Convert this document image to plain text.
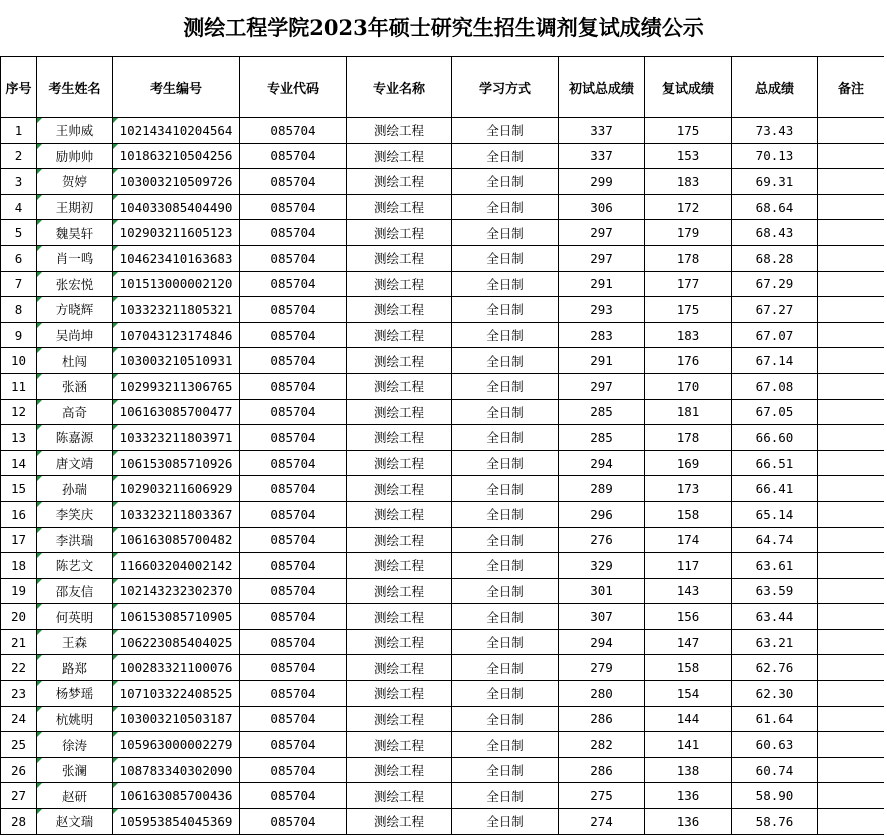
测绘工程学院2023年硕士研究生招生调剂复试成绩公示
序号	考生姓名	考生编号	专业代码	专业名称	学习方式	初试总成绩	复试成绩	总成绩	备注
1	王帅威	102143410204564	085704	测绘工程	全日制	337	175	73.43	
2	励帅帅	101863210504256	085704	测绘工程	全日制	337	153	70.13	
3	贺婷	103003210509726	085704	测绘工程	全日制	299	183	69.31	
4	王期初	104033085404490	085704	测绘工程	全日制	306	172	68.64	
5	魏昊轩	102903211605123	085704	测绘工程	全日制	297	179	68.43	
6	肖一鸣	104623410163683	085704	测绘工程	全日制	297	178	68.28	
7	张宏悦	101513000002120	085704	测绘工程	全日制	291	177	67.29	
8	方晓辉	103323211805321	085704	测绘工程	全日制	293	175	67.27	
9	吴尚坤	107043123174846	085704	测绘工程	全日制	283	183	67.07	
10	杜闯	103003210510931	085704	测绘工程	全日制	291	176	67.14	
11	张涵	102993211306765	085704	测绘工程	全日制	297	170	67.08	
12	高奇	106163085700477	085704	测绘工程	全日制	285	181	67.05	
13	陈嘉源	103323211803971	085704	测绘工程	全日制	285	178	66.60	
14	唐文靖	106153085710926	085704	测绘工程	全日制	294	169	66.51	
15	孙瑞	102903211606929	085704	测绘工程	全日制	289	173	66.41	
16	李笑庆	103323211803367	085704	测绘工程	全日制	296	158	65.14	
17	李洪瑞	106163085700482	085704	测绘工程	全日制	276	174	64.74	
18	陈艺文	116603204002142	085704	测绘工程	全日制	329	117	63.61	
19	邵友信	102143232302370	085704	测绘工程	全日制	301	143	63.59	
20	何英明	106153085710905	085704	测绘工程	全日制	307	156	63.44	
21	王森	106223085404025	085704	测绘工程	全日制	294	147	63.21	
22	路郑	100283321100076	085704	测绘工程	全日制	279	158	62.76	
23	杨梦瑶	107103322408525	085704	测绘工程	全日制	280	154	62.30	
24	杭姚明	103003210503187	085704	测绘工程	全日制	286	144	61.64	
25	徐涛	105963000002279	085704	测绘工程	全日制	282	141	60.63	
26	张澜	108783340302090	085704	测绘工程	全日制	286	138	60.74	
27	赵研	106163085700436	085704	测绘工程	全日制	275	136	58.90	
28	赵文瑞	105953854045369	085704	测绘工程	全日制	274	136	58.76	
